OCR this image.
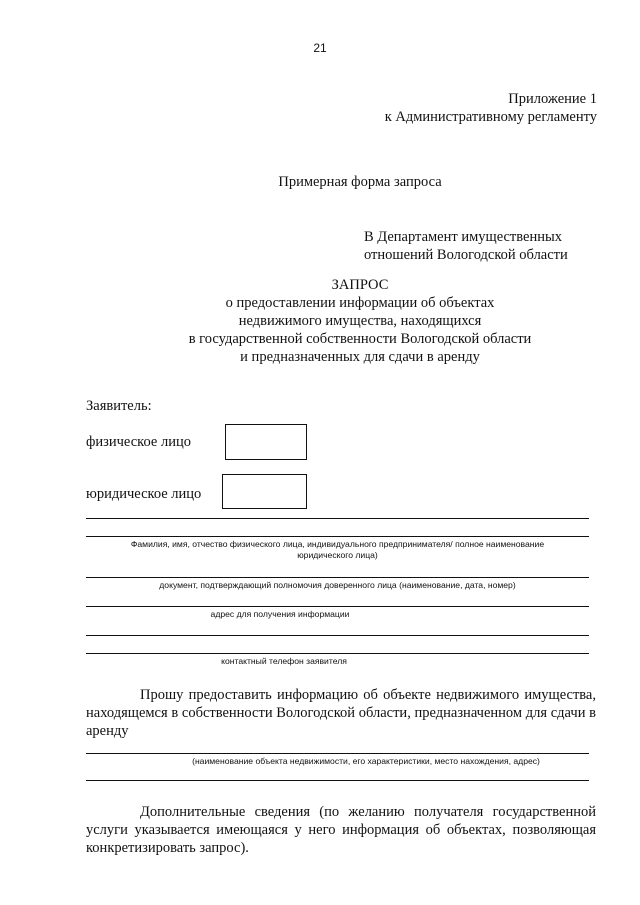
21
Приложение 1
к Административному регламенту
Примерная форма запроса
В Департамент имущественных
отношений Вологодской области
ЗАПРОС
о предоставлении информации об объектах
недвижимого имущества, находящихся
в государственной собственности Вологодской области
и предназначенных для сдачи в аренду
Заявитель:
физическое лицо
юридическое лицо
Фамилия, имя, отчество физического лица, индивидуального предпринимателя/ полное наименование
юридического лица)
документ, подтверждающий полномочия доверенного лица (наименование, дата, номер)
адрес для получения информации
контактный телефон заявителя
Прошу предоставить информацию об объекте недвижимого имущества, находящемся в собственности Вологодской области, предназначенном для сдачи в аренду
(наименование объекта недвижимости, его характеристики, место нахождения, адрес)
Дополнительные сведения (по желанию получателя государственной услуги указывается имеющаяся у него информация об объектах, позволяющая конкретизировать запрос).
